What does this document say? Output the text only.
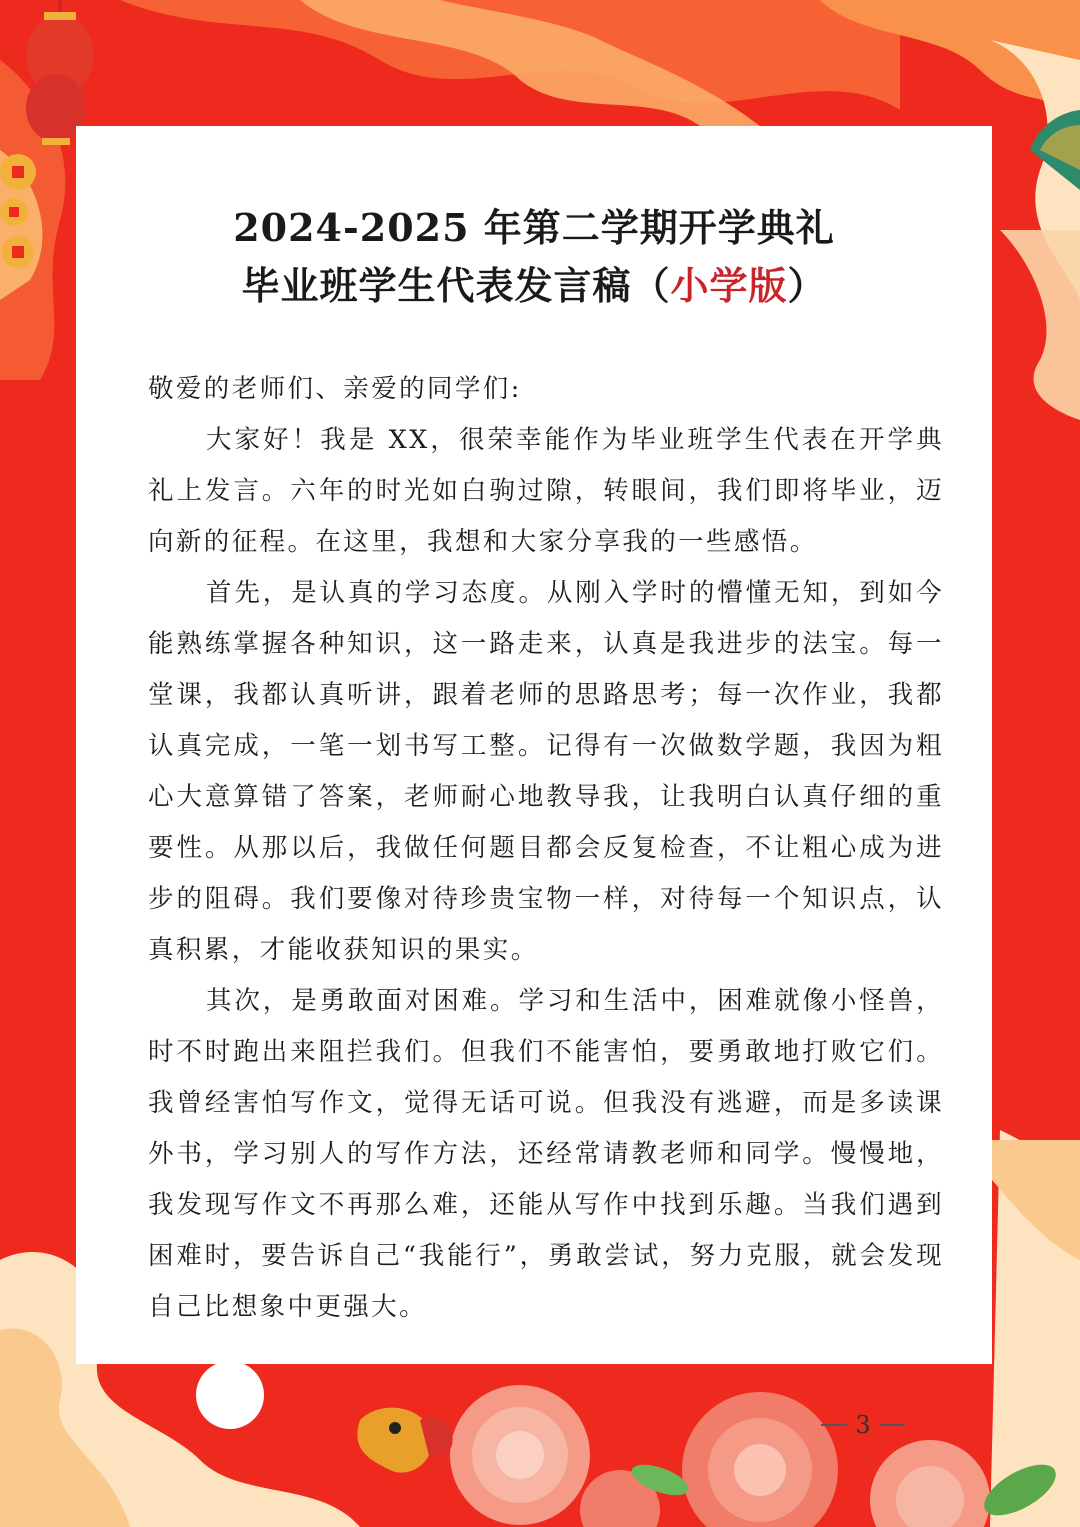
2024-2025 年第二学期开学典礼
毕业班学生代表发言稿（小学版）
敬爱的老师们、亲爱的同学们:

大家好！我是 XX，很荣幸能作为毕业班学生代表在开学典礼上发言。六年的时光如白驹过隙，转眼间，我们即将毕业，迈向新的征程。在这里，我想和大家分享我的一些感悟。

首先，是认真的学习态度。从刚入学时的懵懂无知，到如今能熟练掌握各种知识，这一路走来，认真是我进步的法宝。每一堂课，我都认真听讲，跟着老师的思路思考；每一次作业，我都认真完成，一笔一划书写工整。记得有一次做数学题，我因为粗心大意算错了答案，老师耐心地教导我，让我明白认真仔细的重要性。从那以后，我做任何题目都会反复检查，不让粗心成为进步的阻碍。我们要像对待珍贵宝物一样，对待每一个知识点，认真积累，才能收获知识的果实。

其次，是勇敢面对困难。学习和生活中，困难就像小怪兽，时不时跑出来阻拦我们。但我们不能害怕，要勇敢地打败它们。我曾经害怕写作文，觉得无话可说。但我没有逃避，而是多读课外书，学习别人的写作方法，还经常请教老师和同学。慢慢地，我发现写作文不再那么难，还能从写作中找到乐趣。当我们遇到困难时，要告诉自己“我能行”，勇敢尝试，努力克服，就会发现自己比想象中更强大。

3
